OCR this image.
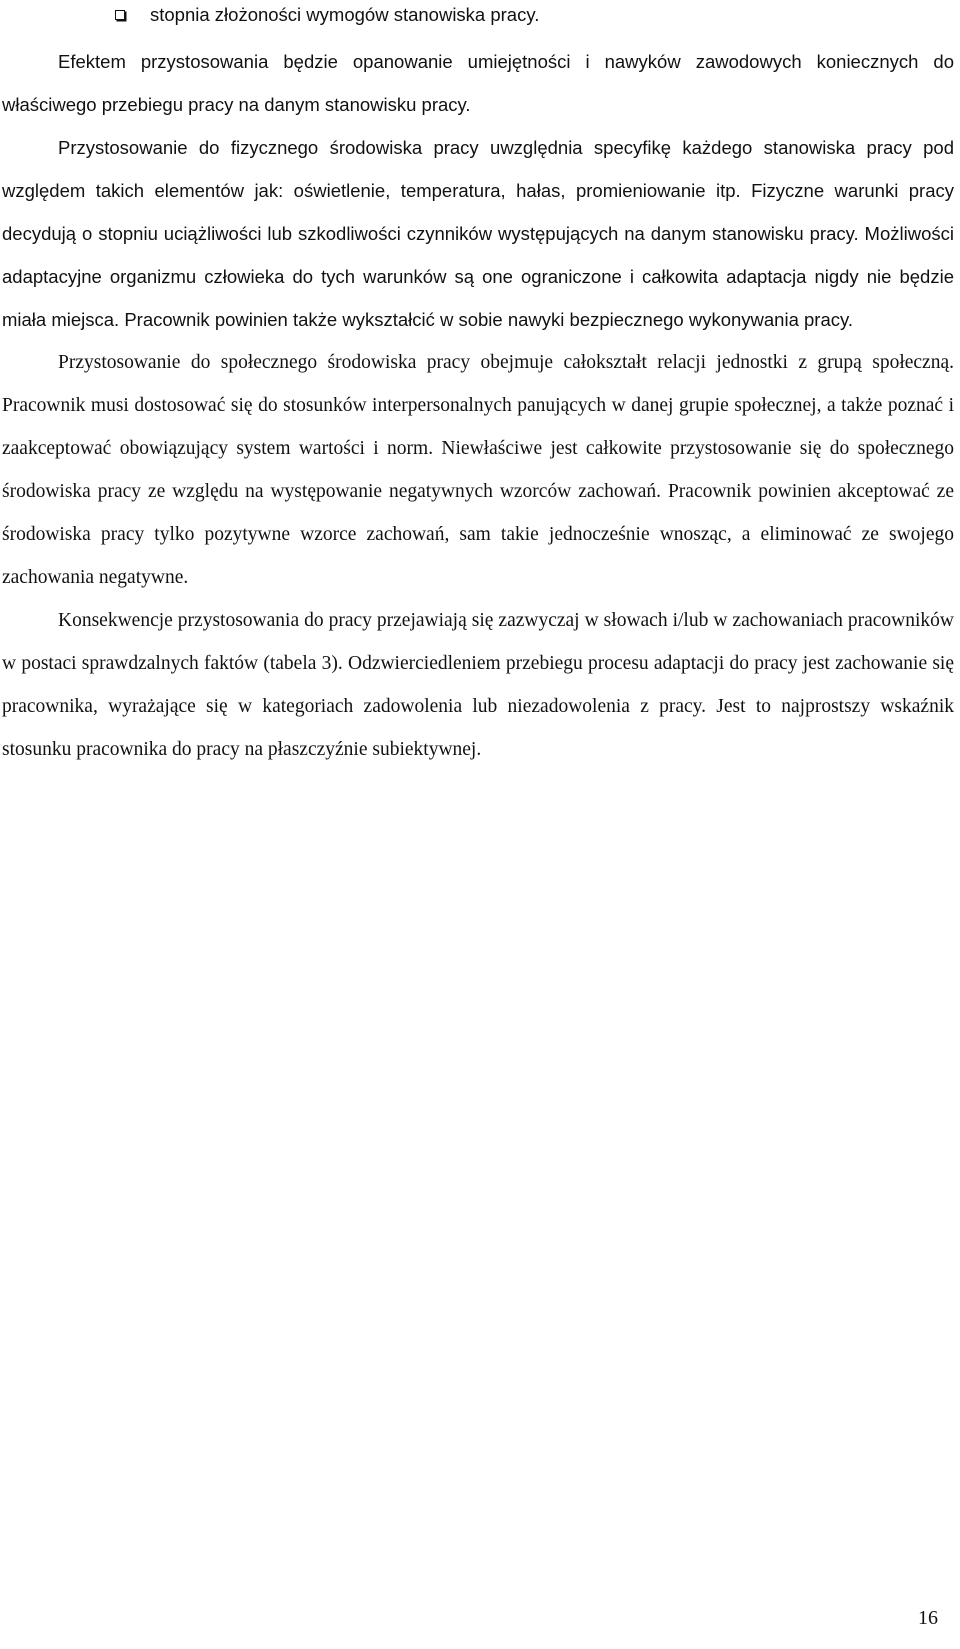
stopnia złożoności wymogów stanowiska pracy.

Efektem przystosowania będzie opanowanie umiejętności i nawyków zawodowych koniecznych do właściwego przebiegu pracy na danym stanowisku pracy.

Przystosowanie do fizycznego środowiska pracy uwzględnia specyfikę każdego stanowiska pracy pod względem takich elementów jak: oświetlenie, temperatura, hałas, promieniowanie itp. Fizyczne warunki pracy decydują o stopniu uciążliwości lub szkodliwości czynników występujących na danym stanowisku pracy. Możliwości adaptacyjne organizmu człowieka do tych warunków są one ograniczone i całkowita adaptacja nigdy nie będzie miała miejsca. Pracownik powinien także wykształcić w sobie nawyki bezpiecznego wykonywania pracy.

Przystosowanie do społecznego środowiska pracy obejmuje całokształt relacji jednostki z grupą społeczną. Pracownik musi dostosować się do stosunków interpersonalnych panujących w danej grupie społecznej, a także poznać i zaakceptować obowiązujący system wartości i norm. Niewłaściwe jest całkowite przystosowanie się do społecznego środowiska pracy ze względu na występowanie negatywnych wzorców zachowań. Pracownik powinien akceptować ze środowiska pracy tylko pozytywne wzorce zachowań, sam takie jednocześnie wnosząc, a eliminować ze swojego zachowania negatywne.

Konsekwencje przystosowania do pracy przejawiają się zazwyczaj w słowach i/lub w zachowaniach pracowników w postaci sprawdzalnych faktów (tabela 3). Odzwierciedleniem przebiegu procesu adaptacji do pracy jest zachowanie się pracownika, wyrażające się w kategoriach zadowolenia lub niezadowolenia z pracy. Jest to najprostszy wskaźnik stosunku pracownika do pracy na płaszczyźnie subiektywnej.

16
